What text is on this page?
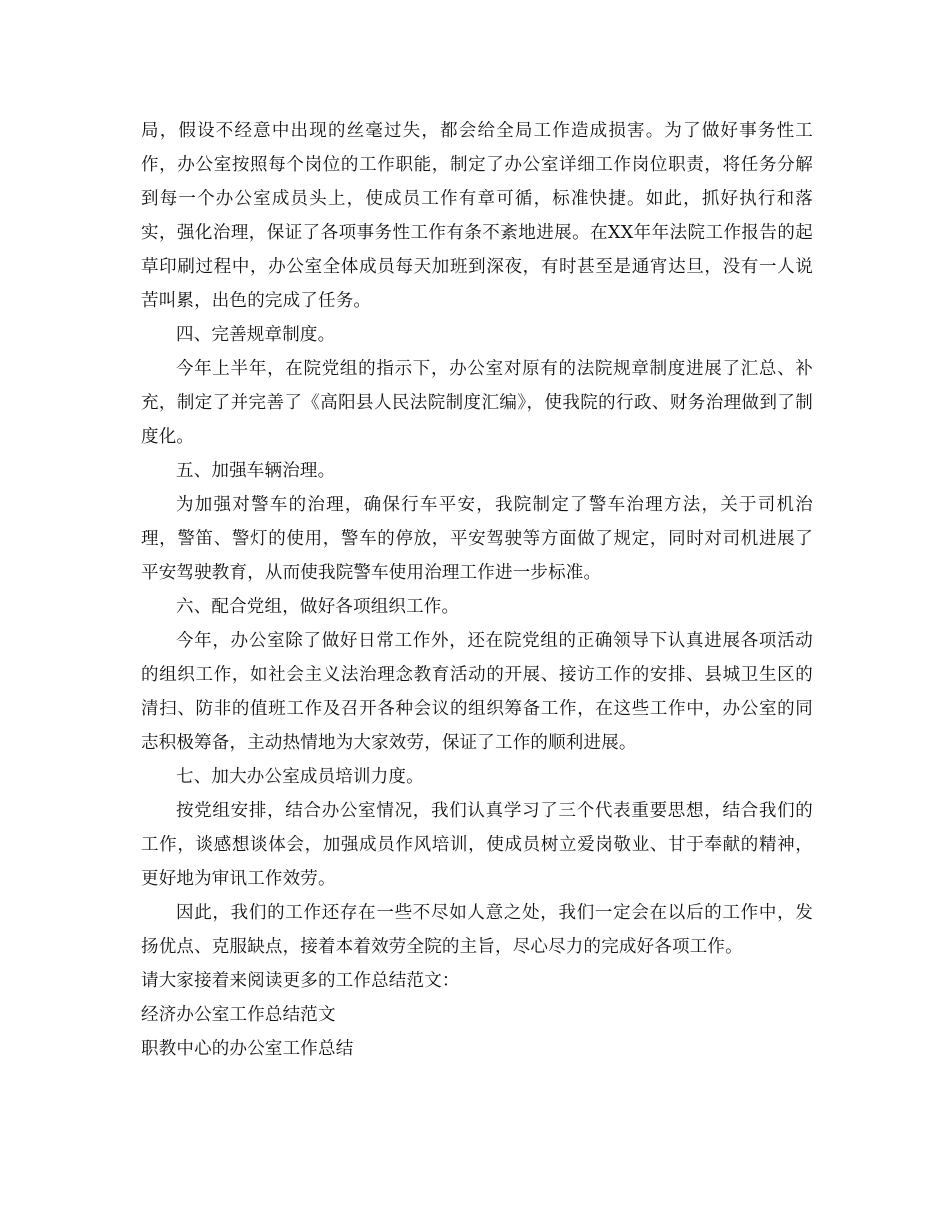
局，假设不经意中出现的丝毫过失，都会给全局工作造成损害。为了做好事务性工作，办公室按照每个岗位的工作职能，制定了办公室详细工作岗位职责，将任务分解到每一个办公室成员头上，使成员工作有章可循，标准快捷。如此，抓好执行和落实，强化治理，保证了各项事务性工作有条不紊地进展。在XX年年法院工作报告的起草印刷过程中，办公室全体成员每天加班到深夜，有时甚至是通宵达旦，没有一人说苦叫累，出色的完成了任务。

四、完善规章制度。

今年上半年，在院党组的指示下，办公室对原有的法院规章制度进展了汇总、补充，制定了并完善了《高阳县人民法院制度汇编》，使我院的行政、财务治理做到了制度化。

五、加强车辆治理。

为加强对警车的治理，确保行车平安，我院制定了警车治理方法，关于司机治理，警笛、警灯的使用，警车的停放，平安驾驶等方面做了规定，同时对司机进展了平安驾驶教育，从而使我院警车使用治理工作进一步标准。

六、配合党组，做好各项组织工作。

今年，办公室除了做好日常工作外，还在院党组的正确领导下认真进展各项活动的组织工作，如社会主义法治理念教育活动的开展、接访工作的安排、县城卫生区的清扫、防非的值班工作及召开各种会议的组织筹备工作，在这些工作中，办公室的同志积极筹备，主动热情地为大家效劳，保证了工作的顺利进展。

七、加大办公室成员培训力度。

按党组安排，结合办公室情况，我们认真学习了三个代表重要思想，结合我们的工作，谈感想谈体会，加强成员作风培训，使成员树立爱岗敬业、甘于奉献的精神，更好地为审讯工作效劳。

因此，我们的工作还存在一些不尽如人意之处，我们一定会在以后的工作中，发扬优点、克服缺点，接着本着效劳全院的主旨，尽心尽力的完成好各项工作。

请大家接着来阅读更多的工作总结范文：

经济办公室工作总结范文

职教中心的办公室工作总结
